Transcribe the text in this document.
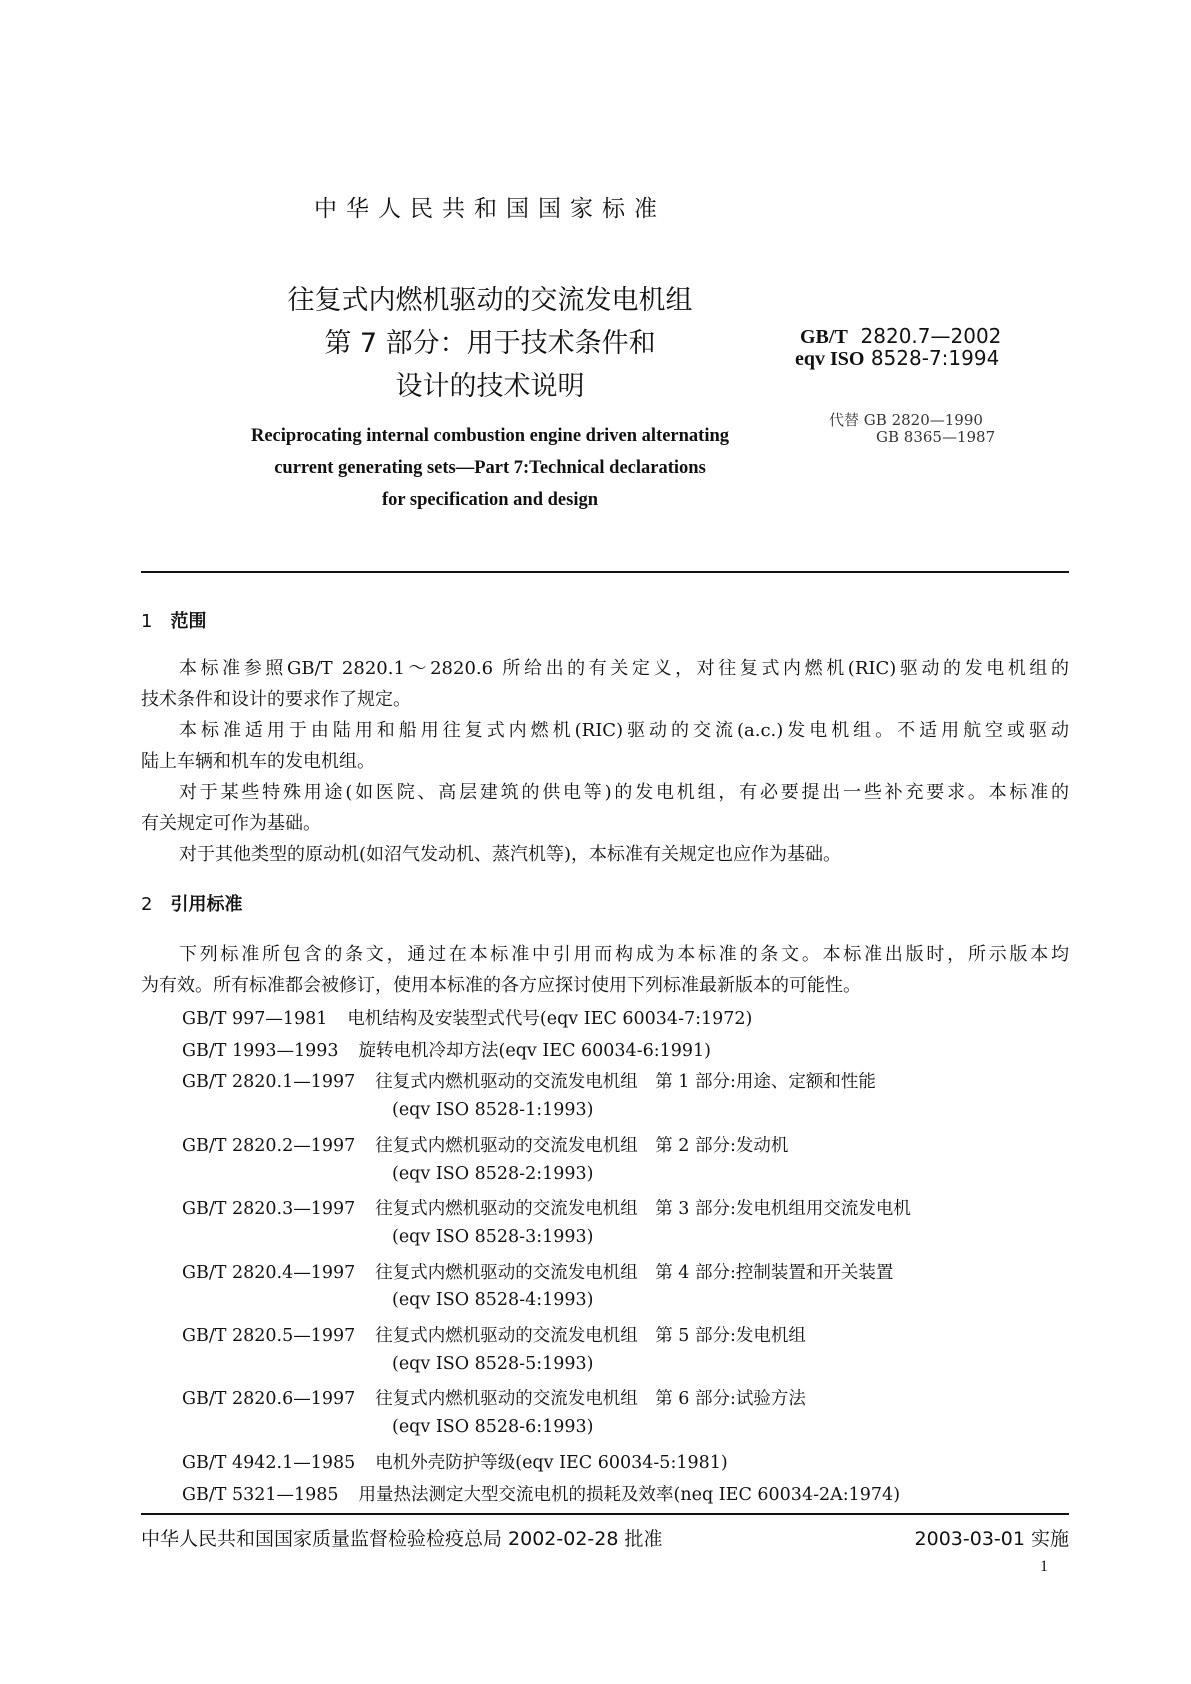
中华人民共和国国家标准
往复式内燃机驱动的交流发电机组
第 7 部分：用于技术条件和
设计的技术说明
GB/T 2820.7—2002
eqv ISO 8528-7:1994
代替 GB 2820—1990
GB 8365—1987
Reciprocating internal combustion engine driven alternating
current generating sets—Part 7:Technical declarations
for specification and design
1 范围
本标准参照GB/T 2820.1～2820.6 所给出的有关定义，对往复式内燃机(RIC)驱动的发电机组的
技术条件和设计的要求作了规定。
本标准适用于由陆用和船用往复式内燃机(RIC)驱动的交流(a.c.)发电机组。不适用航空或驱动
陆上车辆和机车的发电机组。
对于某些特殊用途(如医院、高层建筑的供电等)的发电机组，有必要提出一些补充要求。本标准的
有关规定可作为基础。
对于其他类型的原动机(如沼气发动机、蒸汽机等)，本标准有关规定也应作为基础。
2 引用标准
下列标准所包含的条文，通过在本标准中引用而构成为本标准的条文。本标准出版时，所示版本均
为有效。所有标准都会被修订，使用本标准的各方应探讨使用下列标准最新版本的可能性。
GB/T 997—1981 电机结构及安装型式代号(eqv IEC 60034-7:1972)
GB/T 1993—1993 旋转电机冷却方法(eqv IEC 60034-6:1991)
GB/T 2820.1—1997 往复式内燃机驱动的交流发电机组　第 1 部分:用途、定额和性能
(eqv ISO 8528-1:1993)
GB/T 2820.2—1997 往复式内燃机驱动的交流发电机组　第 2 部分:发动机
(eqv ISO 8528-2:1993)
GB/T 2820.3—1997 往复式内燃机驱动的交流发电机组　第 3 部分:发电机组用交流发电机
(eqv ISO 8528-3:1993)
GB/T 2820.4—1997 往复式内燃机驱动的交流发电机组　第 4 部分:控制装置和开关装置
(eqv ISO 8528-4:1993)
GB/T 2820.5—1997 往复式内燃机驱动的交流发电机组　第 5 部分:发电机组
(eqv ISO 8528-5:1993)
GB/T 2820.6—1997 往复式内燃机驱动的交流发电机组　第 6 部分:试验方法
(eqv ISO 8528-6:1993)
GB/T 4942.1—1985 电机外壳防护等级(eqv IEC 60034-5:1981)
GB/T 5321—1985 用量热法测定大型交流电机的损耗及效率(neq IEC 60034-2A:1974)
中华人民共和国国家质量监督检验检疫总局 2002-02-28 批准	2003-03-01 实施
1
